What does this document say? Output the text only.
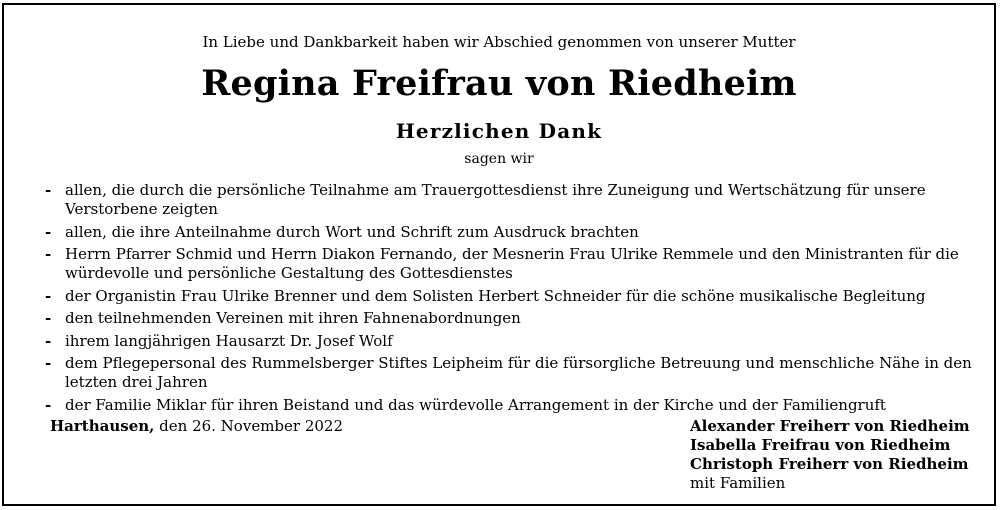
In Liebe und Dankbarkeit haben wir Abschied genommen von unserer Mutter
Regina Freifrau von Riedheim
Herzlichen Dank
sagen wir
- allen, die durch die persönliche Teilnahme am Trauergottesdienst ihre Zuneigung und Wertschätzung für unsere Verstorbene zeigten
- allen, die ihre Anteilnahme durch Wort und Schrift zum Ausdruck brachten
- Herrn Pfarrer Schmid und Herrn Diakon Fernando, der Mesnerin Frau Ulrike Remmele und den Ministranten für die würdevolle und persönliche Gestaltung des Gottesdienstes
- der Organistin Frau Ulrike Brenner und dem Solisten Herbert Schneider für die schöne musikalische Begleitung
- den teilnehmenden Vereinen mit ihren Fahnenabordnungen
- ihrem langjährigen Hausarzt Dr. Josef Wolf
- dem Pflegepersonal des Rummelsberger Stiftes Leipheim für die fürsorgliche Betreuung und menschliche Nähe in den letzten drei Jahren
- der Familie Miklar für ihren Beistand und das würdevolle Arrangement in der Kirche und der Familiengruft
Harthausen, den 26. November 2022	Alexander Freiherr von Riedheim
Isabella Freifrau von Riedheim
Christoph Freiherr von Riedheim
mit Familien
